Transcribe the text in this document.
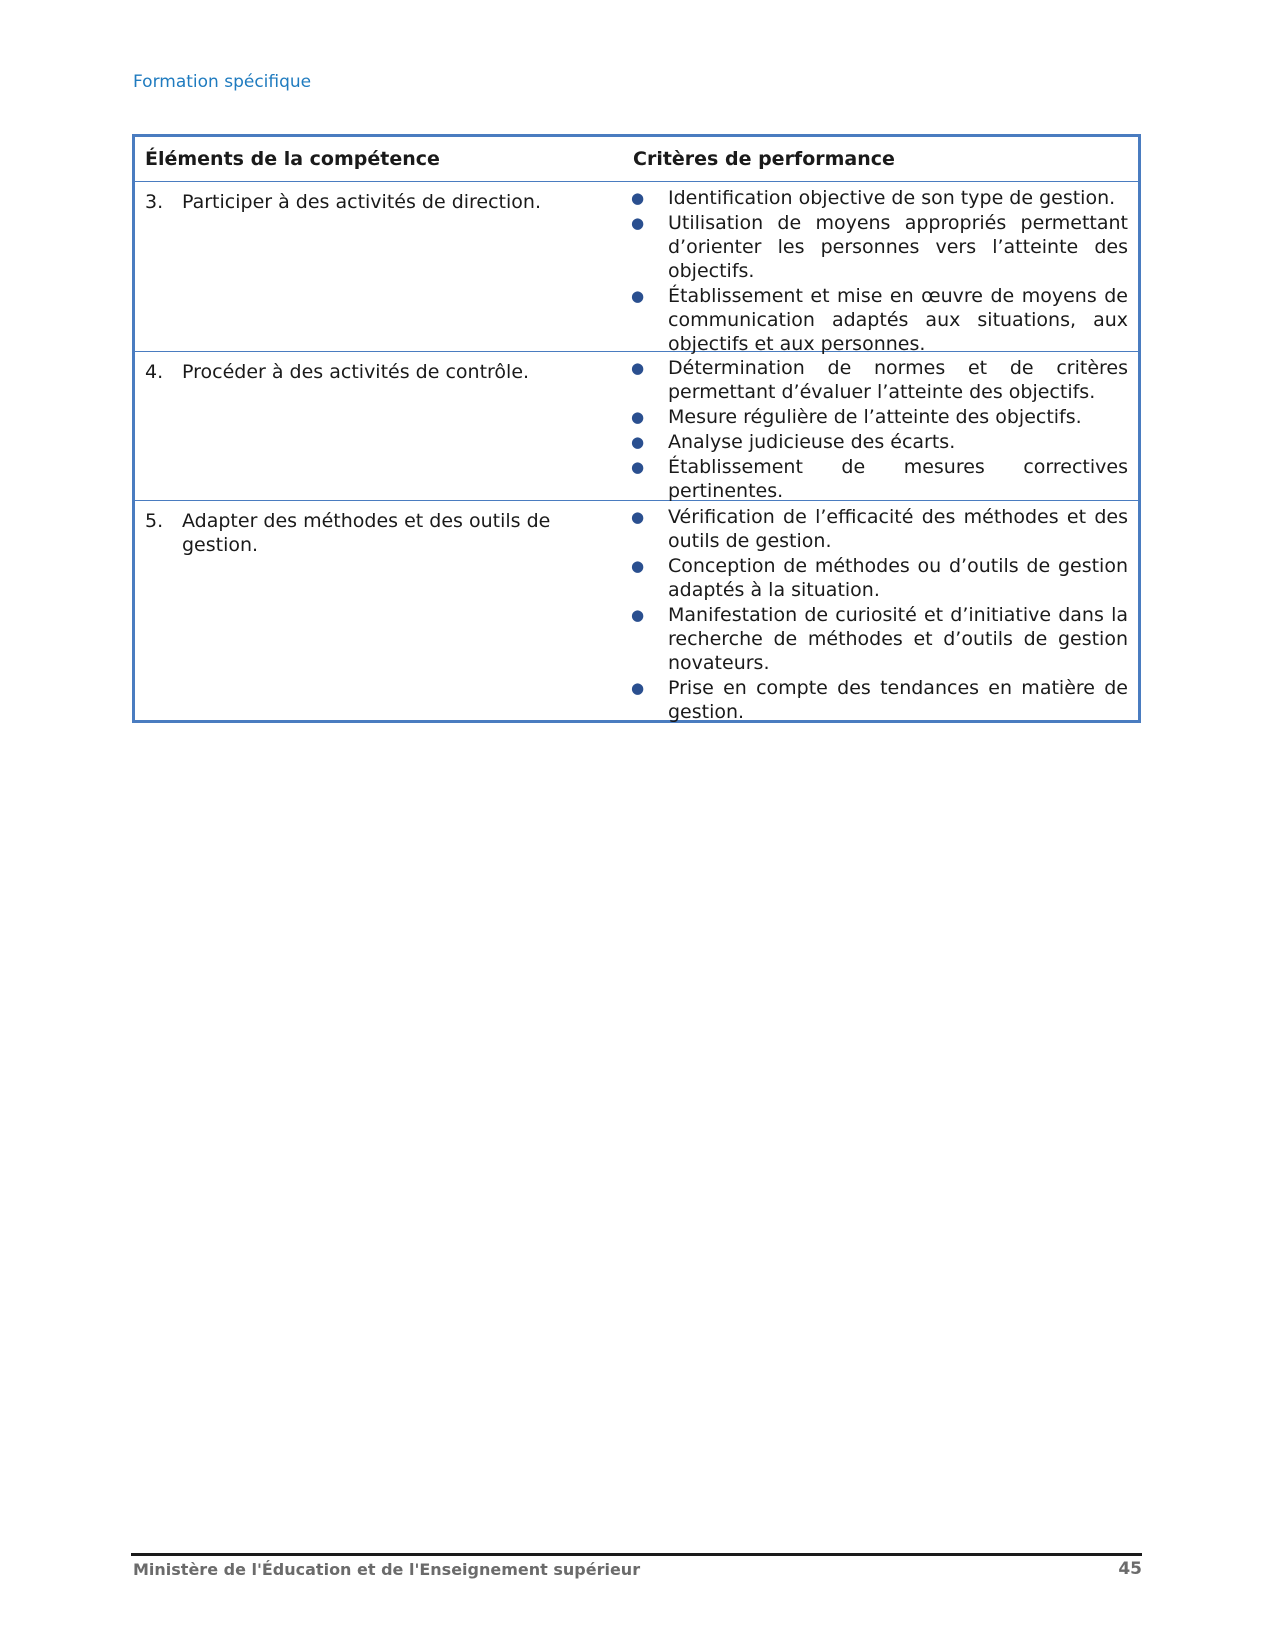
Formation spécifique
Éléments de la compétence	Critères de performance
3. Participer à des activités de direction.	●	Identification objective de son type de gestion.
●	Utilisation de moyens appropriés permettant d’orienter les personnes vers l’atteinte des objectifs.
●	Établissement et mise en œuvre de moyens de communication adaptés aux situations, aux objectifs et aux personnes.
4. Procéder à des activités de contrôle.	●	Détermination de normes et de critères permettant d’évaluer l’atteinte des objectifs.
●	Mesure régulière de l’atteinte des objectifs.
●	Analyse judicieuse des écarts.
●	Établissement de mesures correctives pertinentes.
5. Adapter des méthodes et des outils de gestion.
●	Vérification de l’efficacité des méthodes et des outils de gestion.
●	Conception de méthodes ou d’outils de gestion adaptés à la situation.
●	Manifestation de curiosité et d’initiative dans la recherche de méthodes et d’outils de gestion novateurs.
●	Prise en compte des tendances en matière de gestion.
Ministère de l'Éducation et de l'Enseignement supérieur	45
